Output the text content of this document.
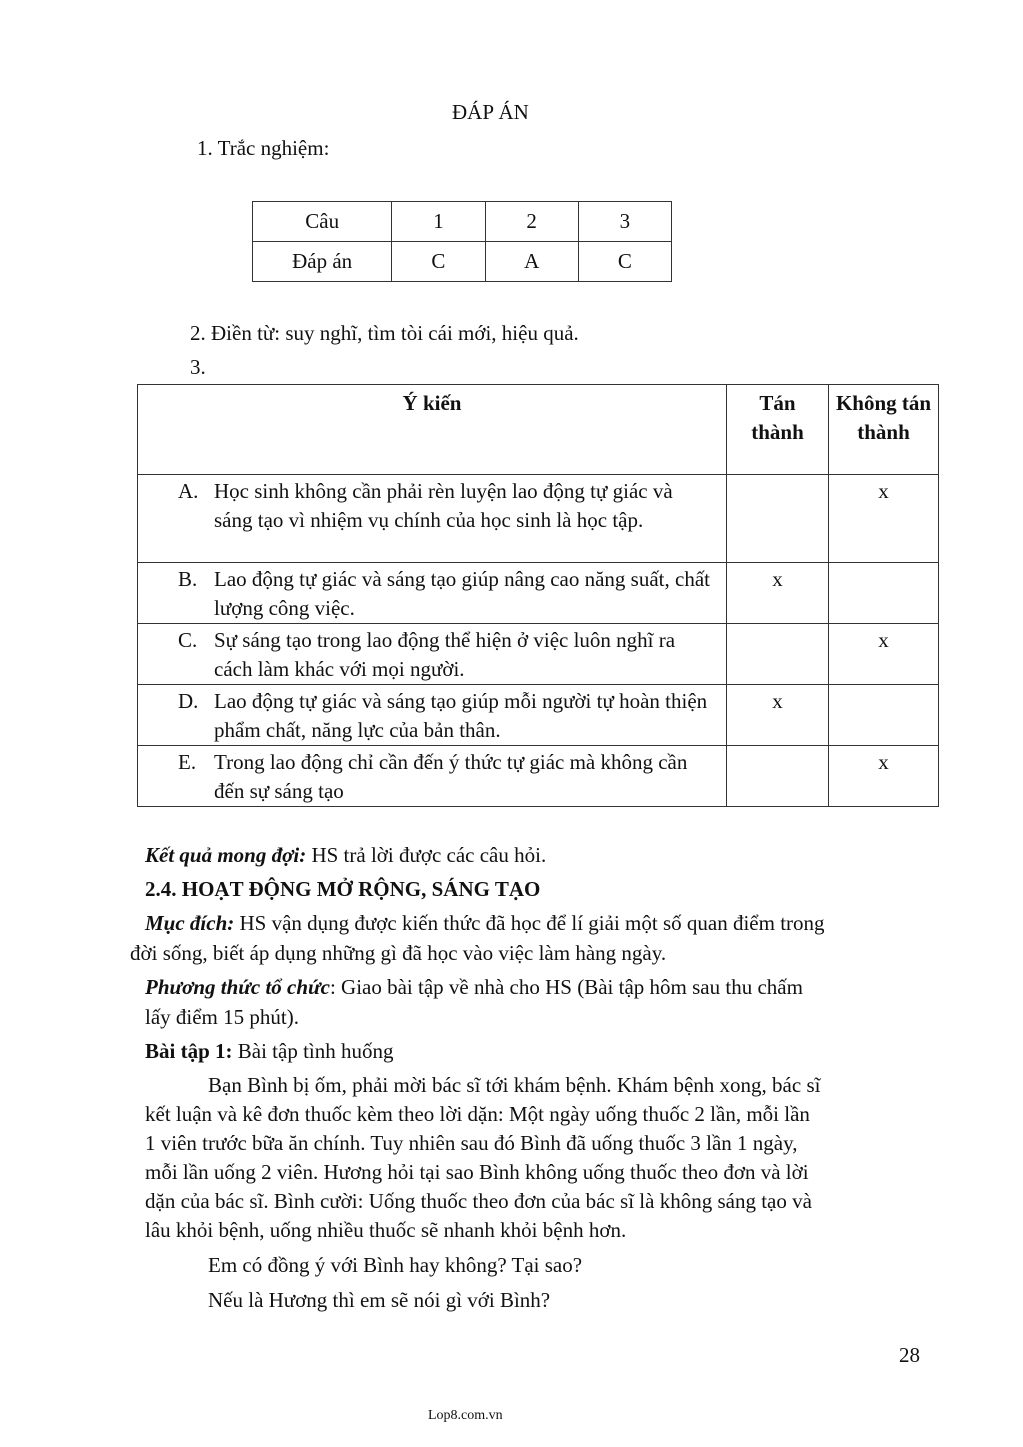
ĐÁP ÁN
1. Trắc nghiệm:
Câu	1	2	3
Đáp án	C	A	C
2. Điền từ: suy nghĩ, tìm tòi cái mới, hiệu quả.
3.
Ý kiến	Tán thành	Không tán thành

A. Học sinh không cần phải rèn luyện lao động tự giác và sáng tạo vì nhiệm vụ chính của học sinh là học tập.		x

B. Lao động tự giác và sáng tạo giúp nâng cao năng suất, chất lượng công việc.	x	

C. Sự sáng tạo trong lao động thể hiện ở việc luôn nghĩ ra cách làm khác với mọi người.		x

D. Lao động tự giác và sáng tạo giúp mỗi người tự hoàn thiện phẩm chất, năng lực của bản thân.	x	

E. Trong lao động chỉ cần đến ý thức tự giác mà không cần đến sự sáng tạo		x
Kết quả mong đợi: HS trả lời được các câu hỏi.
2.4. HOẠT ĐỘNG MỞ RỘNG, SÁNG TẠO
Mục đích: HS vận dụng được kiến thức đã học để lí giải một số quan điểm trong
đời sống, biết áp dụng những gì đã học vào việc làm hàng ngày.
Phương thức tổ chức: Giao bài tập về nhà cho HS (Bài tập hôm sau thu chấm
lấy điểm 15 phút).
Bài tập 1: Bài tập tình huống
Bạn Bình bị ốm, phải mời bác sĩ tới khám bệnh. Khám bệnh xong, bác sĩ
kết luận và kê đơn thuốc kèm theo lời dặn: Một ngày uống thuốc 2 lần, mỗi lần
1 viên trước bữa ăn chính. Tuy nhiên sau đó Bình đã uống thuốc 3 lần 1 ngày,
mỗi lần uống 2 viên. Hương hỏi tại sao Bình không uống thuốc theo đơn và lời
dặn của bác sĩ. Bình cười: Uống thuốc theo đơn của bác sĩ là không sáng tạo và
lâu khỏi bệnh, uống nhiều thuốc sẽ nhanh khỏi bệnh hơn.
Em có đồng ý với Bình hay không? Tại sao?
Nếu là Hương thì em sẽ nói gì với Bình?
28
Lop8.com.vn
